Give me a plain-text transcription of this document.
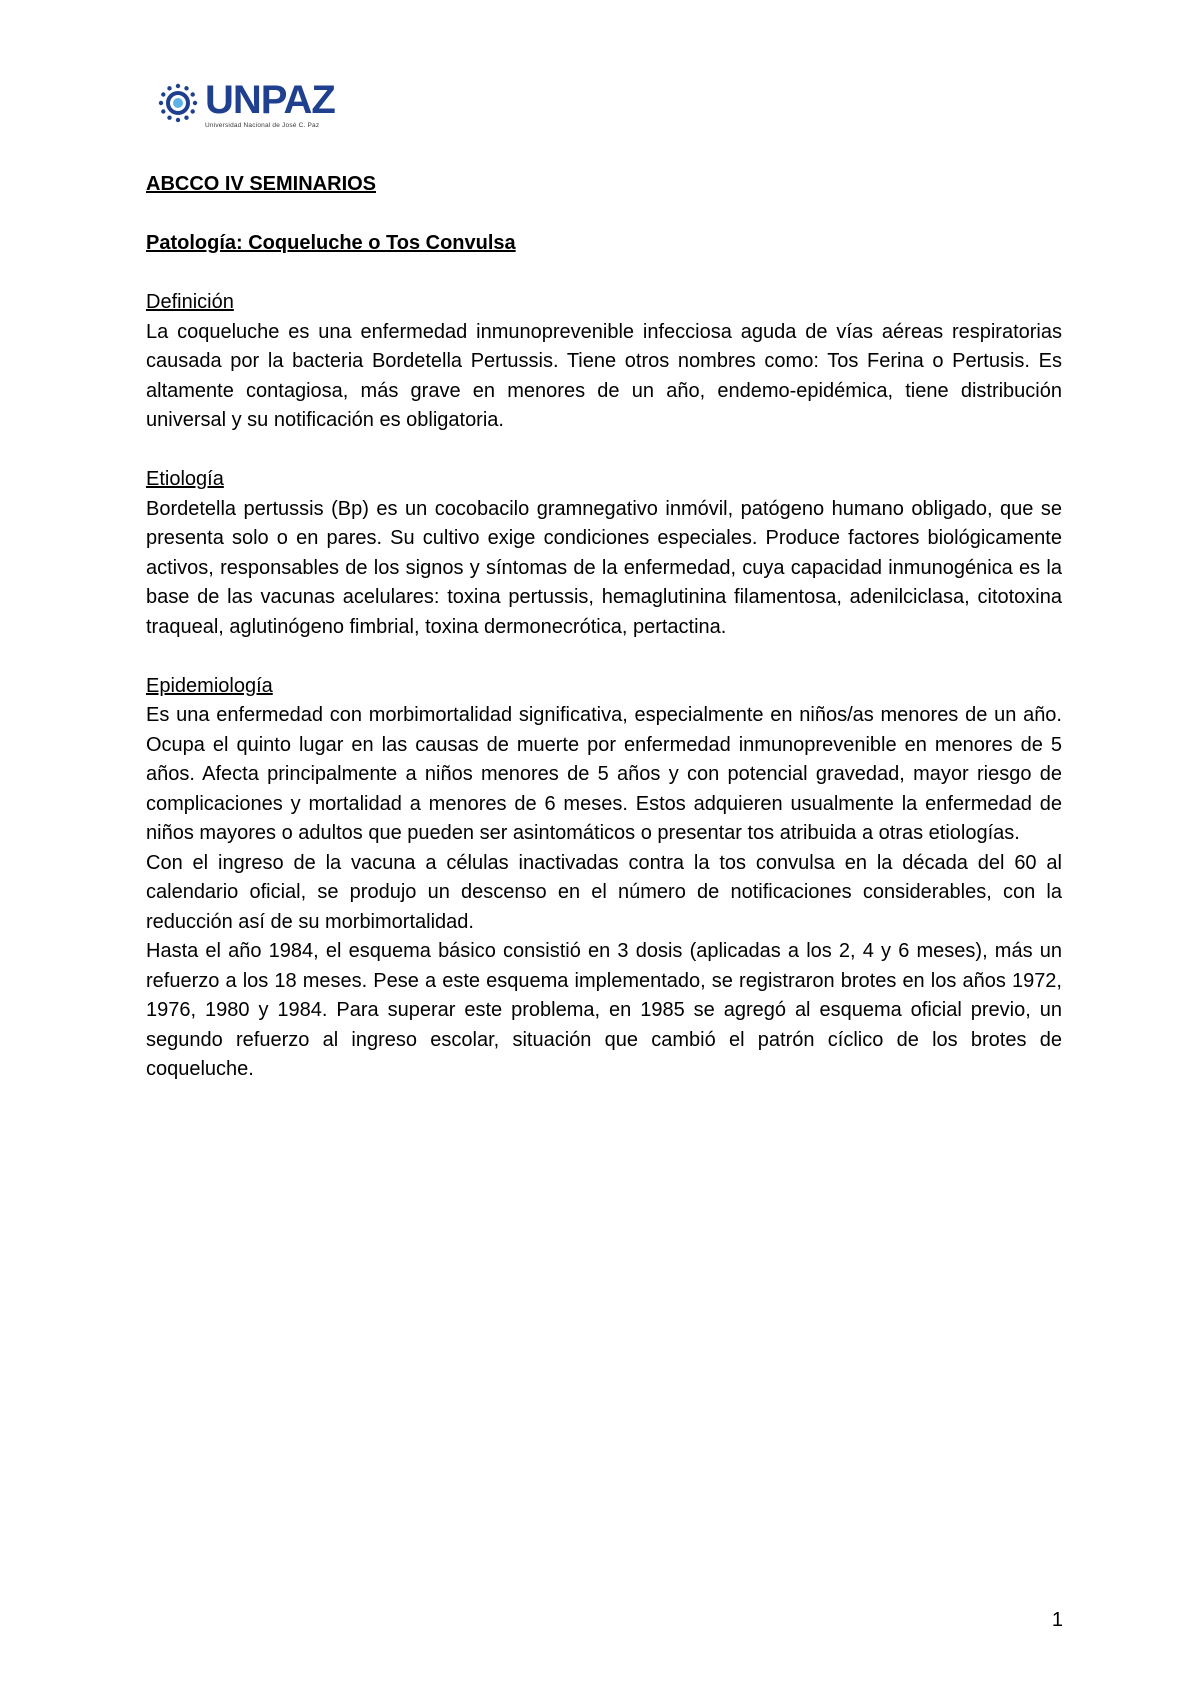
UNPAZ
Universidad Nacional de José C. Paz

ABCCO IV SEMINARIOS

Patología: Coqueluche o Tos Convulsa

Definición

La coqueluche es una enfermedad inmunoprevenible infecciosa aguda de vías aéreas respiratorias causada por la bacteria Bordetella Pertussis. Tiene otros nombres como: Tos Ferina o Pertusis. Es altamente contagiosa, más grave en menores de un año, endemo-epidémica, tiene distribución universal y su notificación es obligatoria.

Etiología

Bordetella pertussis (Bp) es un cocobacilo gramnegativo inmóvil, patógeno humano obligado, que se presenta solo o en pares. Su cultivo exige condiciones especiales. Produce factores biológicamente activos, responsables de los signos y síntomas de la enfermedad, cuya capacidad inmunogénica es la base de las vacunas acelulares: toxina pertussis, hemaglutinina filamentosa, adenilciclasa, citotoxina traqueal, aglutinógeno fimbrial, toxina dermonecrótica, pertactina.

Epidemiología

Es una enfermedad con morbimortalidad significativa, especialmente en niños/as menores de un año. Ocupa el quinto lugar en las causas de muerte por enfermedad inmunoprevenible en menores de 5 años. Afecta principalmente a niños menores de 5 años y con potencial gravedad, mayor riesgo de complicaciones y mortalidad a menores de 6 meses. Estos adquieren usualmente la enfermedad de niños mayores o adultos que pueden ser asintomáticos o presentar tos atribuida a otras etiologías.

Con el ingreso de la vacuna a células inactivadas contra la tos convulsa en la década del 60 al calendario oficial, se produjo un descenso en el número de notificaciones considerables, con la reducción así de su morbimortalidad.

Hasta el año 1984, el esquema básico consistió en 3 dosis (aplicadas a los 2, 4 y 6 meses), más un refuerzo a los 18 meses. Pese a este esquema implementado, se registraron brotes en los años 1972, 1976, 1980 y 1984. Para superar este problema, en 1985 se agregó al esquema oficial previo, un segundo refuerzo al ingreso escolar, situación que cambió el patrón cíclico de los brotes de coqueluche.

1
